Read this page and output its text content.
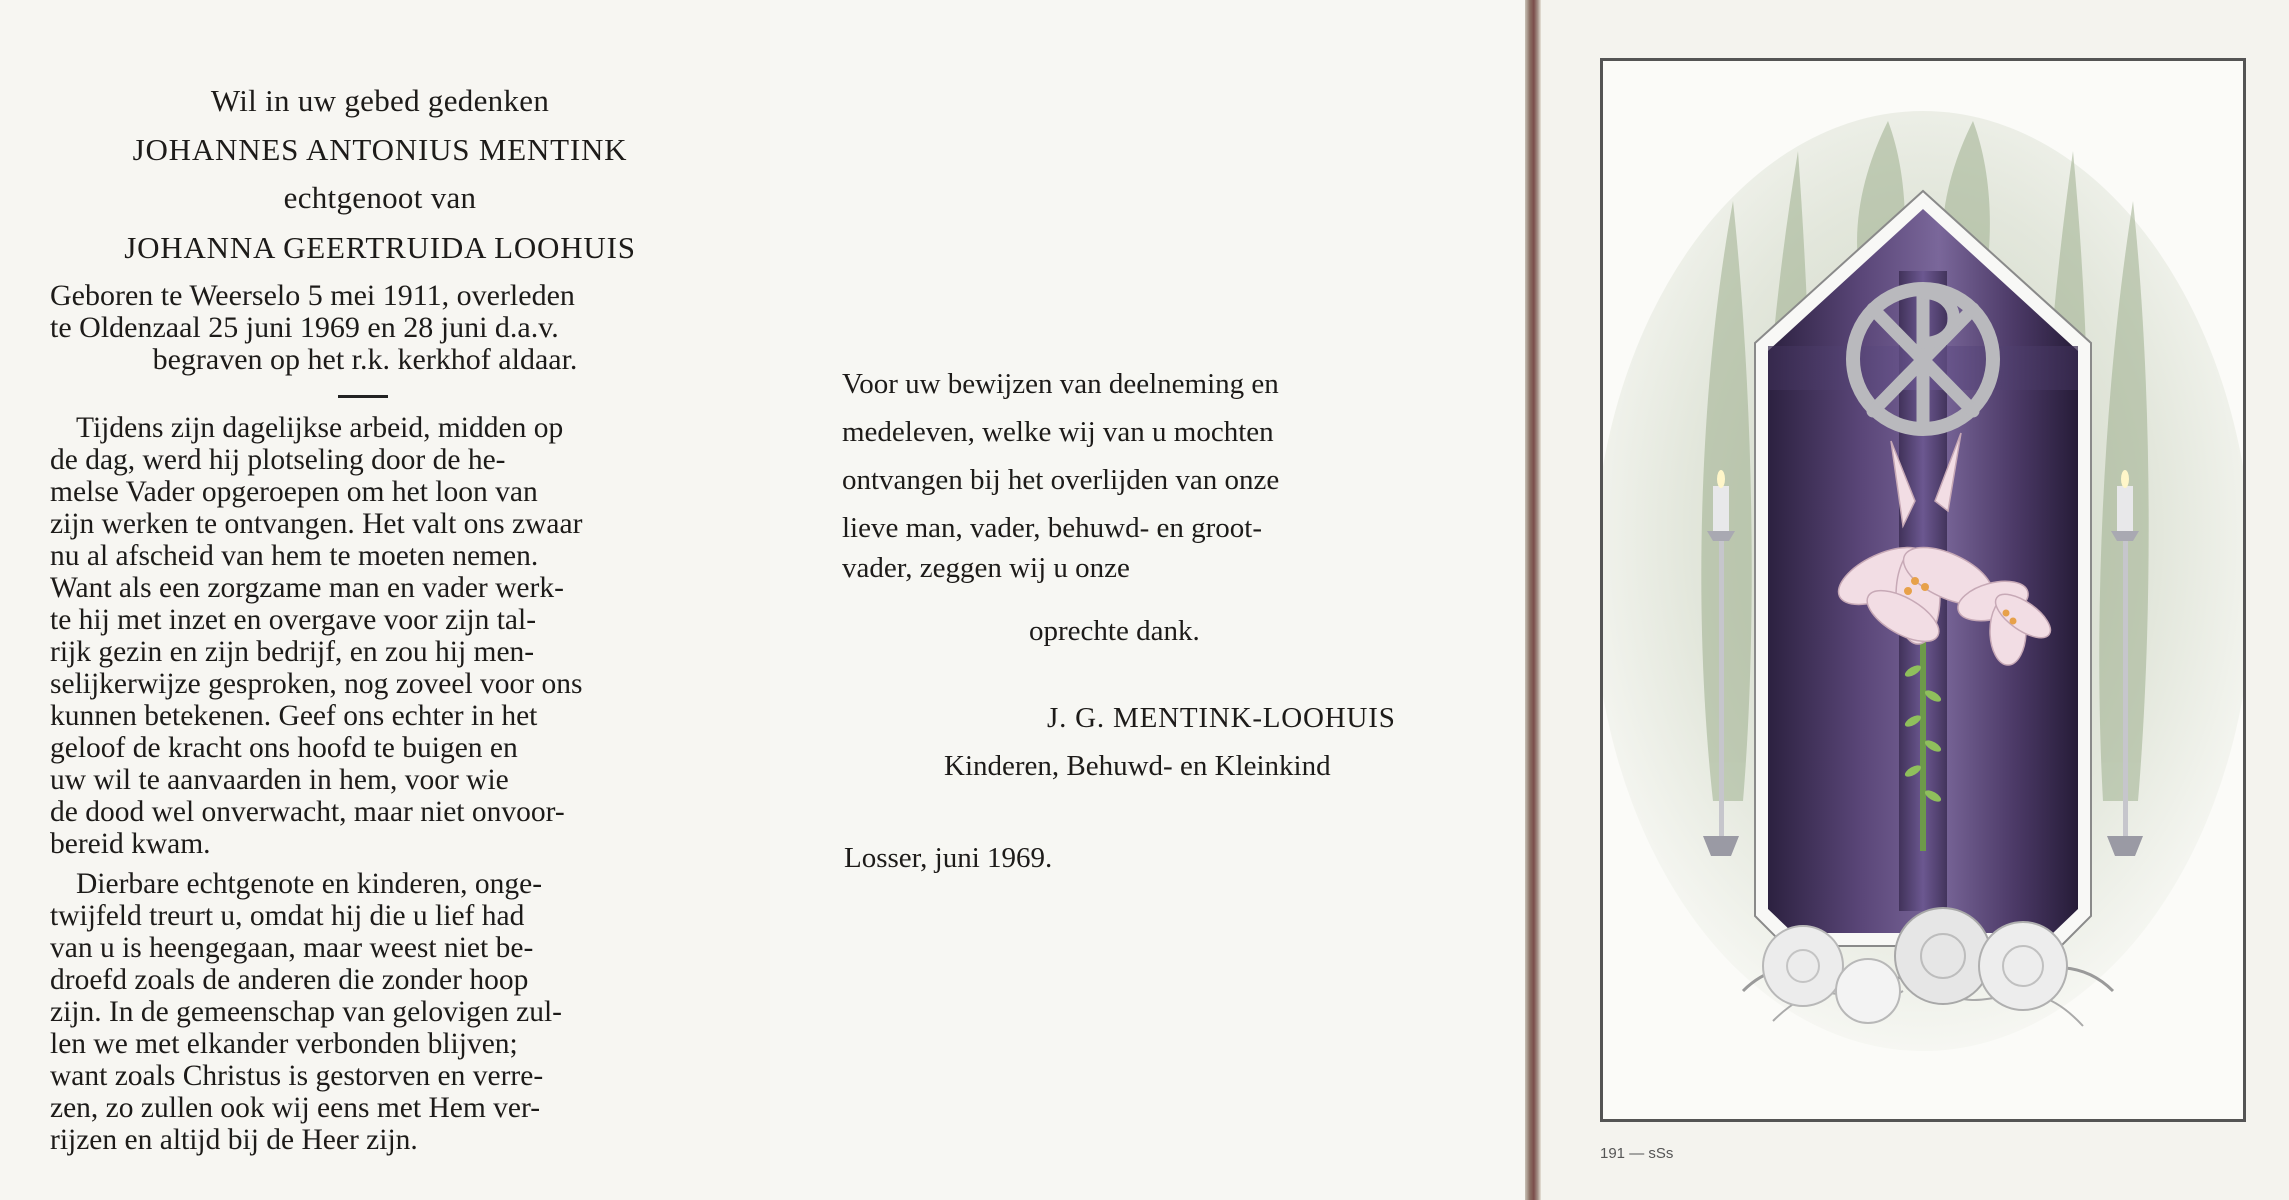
Wil in uw gebed gedenken
JOHANNES ANTONIUS MENTINK
echtgenoot van
JOHANNA GEERTRUIDA LOOHUIS
Geboren te Weerselo 5 mei 1911, overleden
te Oldenzaal 25 juni 1969 en 28 juni d.a.v.
begraven op het r.k. kerkhof aldaar.
Tijdens zijn dagelijkse arbeid, midden op
de dag, werd hij plotseling door de he-
melse Vader opgeroepen om het loon van
zijn werken te ontvangen. Het valt ons zwaar
nu al afscheid van hem te moeten nemen.
Want als een zorgzame man en vader werk-
te hij met inzet en overgave voor zijn tal-
rijk gezin en zijn bedrijf, en zou hij men-
selijkerwijze gesproken, nog zoveel voor ons
kunnen betekenen. Geef ons echter in het
geloof de kracht ons hoofd te buigen en
uw wil te aanvaarden in hem, voor wie
de dood wel onverwacht, maar niet onvoor-
bereid kwam.
Dierbare echtgenote en kinderen, onge-
twijfeld treurt u, omdat hij die u lief had
van u is heengegaan, maar weest niet be-
droefd zoals de anderen die zonder hoop
zijn. In de gemeenschap van gelovigen zul-
len we met elkander verbonden blijven;
want zoals Christus is gestorven en verre-
zen, zo zullen ook wij eens met Hem ver-
rijzen en altijd bij de Heer zijn.
Voor uw bewijzen van deelneming en
medeleven, welke wij van u mochten
ontvangen bij het overlijden van onze
lieve man, vader, behuwd- en groot-
vader, zeggen wij u onze
oprechte dank.
J. G. MENTINK-LOOHUIS
Kinderen, Behuwd- en Kleinkind
Losser, juni 1969.
191 — sSs
